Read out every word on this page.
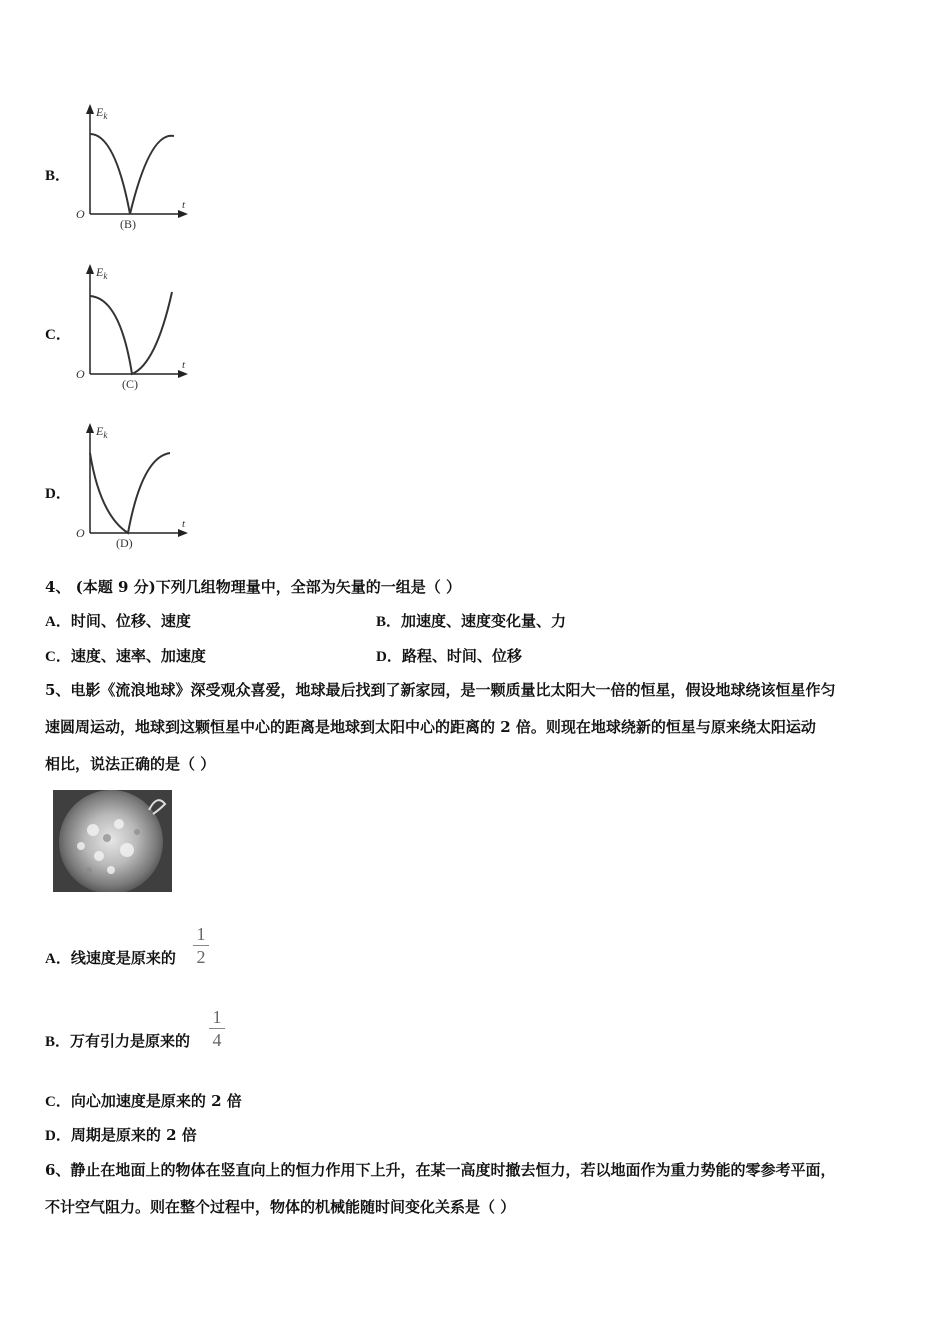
B．
$E_k$
O
t
(B)
C．
$E_k$
O
t
(C)
D．
$E_k$
O
t
(D)
4、 (本题 9 分)下列几组物理量中，全部为矢量的一组是（ ）
A．时间、位移、速度	B．加速度、速度变化量、力
C．速度、速率、加速度	D．路程、时间、位移
5、电影《流浪地球》深受观众喜爱，地球最后找到了新家园，是一颗质量比太阳大一倍的恒星，假设地球绕该恒星作匀
速圆周运动，地球到这颗恒星中心的距离是地球到太阳中心的距离的 2 倍。则现在地球绕新的恒星与原来绕太阳运动
相比，说法正确的是（ ）
A．线速度是原来的
1
2
B．万有引力是原来的
1
4
C．向心加速度是原来的 2 倍
D．周期是原来的 2 倍
6、静止在地面上的物体在竖直向上的恒力作用下上升，在某一高度时撤去恒力，若以地面作为重力势能的零参考平面，
不计空气阻力。则在整个过程中，物体的机械能随时间变化关系是（ ）
